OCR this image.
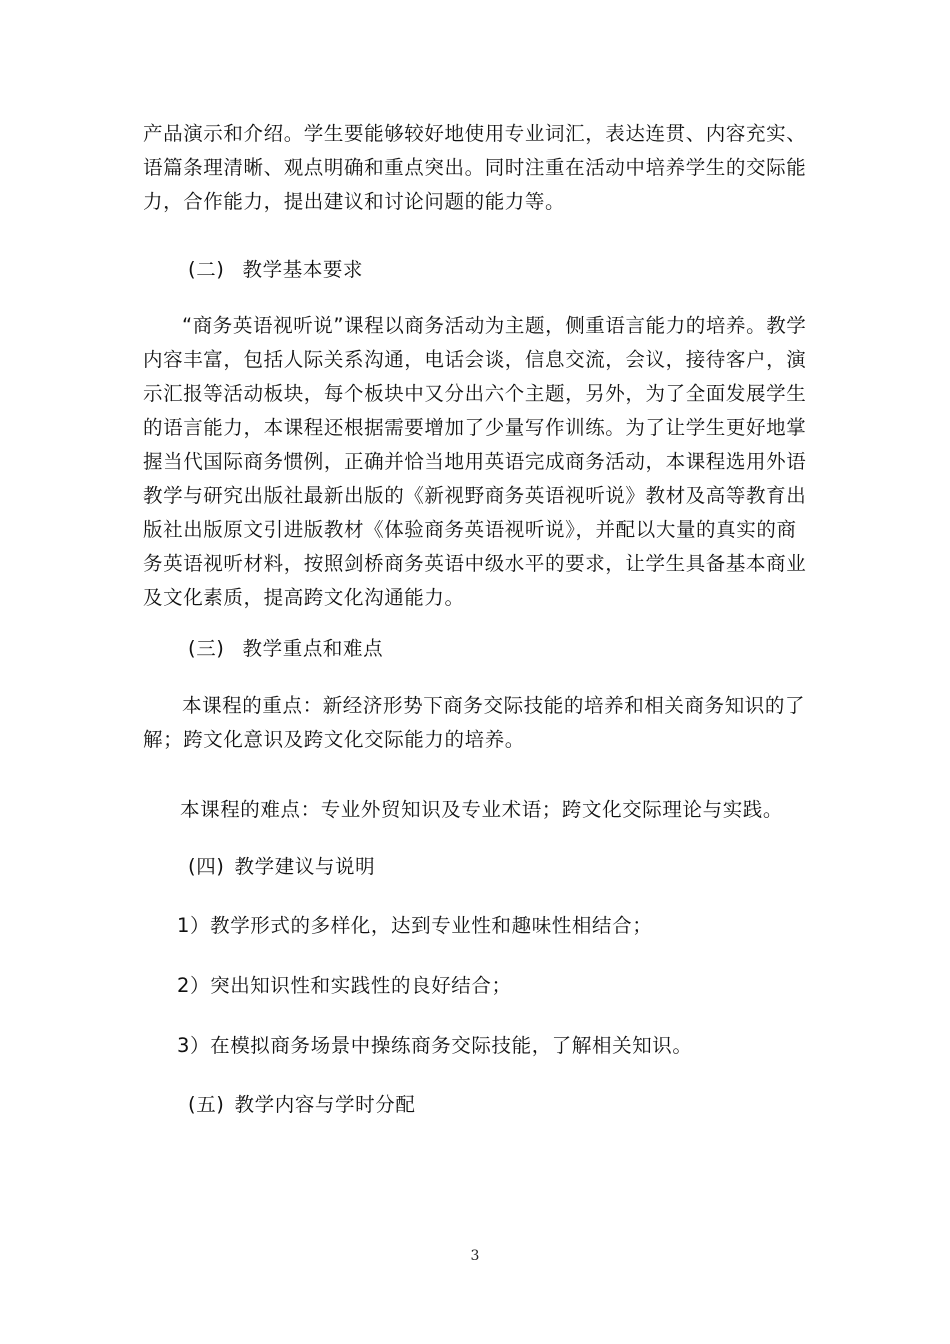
产品演示和介绍。学生要能够较好地使用专业词汇，表达连贯、内容充实、语篇条理清晰、观点明确和重点突出。同时注重在活动中培养学生的交际能力，合作能力，提出建议和讨论问题的能力等。

(二) 教学基本要求

“商务英语视听说”课程以商务活动为主题，侧重语言能力的培养。教学内容丰富，包括人际关系沟通，电话会谈，信息交流，会议，接待客户，演示汇报等活动板块，每个板块中又分出六个主题，另外，为了全面发展学生的语言能力，本课程还根据需要增加了少量写作训练。为了让学生更好地掌握当代国际商务惯例，正确并恰当地用英语完成商务活动，本课程选用外语教学与研究出版社最新出版的《新视野商务英语视听说》教材及高等教育出版社出版原文引进版教材《体验商务英语视听说》，并配以大量的真实的商务英语视听材料，按照剑桥商务英语中级水平的要求，让学生具备基本商业及文化素质，提高跨文化沟通能力。

(三) 教学重点和难点

本课程的重点：新经济形势下商务交际技能的培养和相关商务知识的了解；跨文化意识及跨文化交际能力的培养。

本课程的难点：专业外贸知识及专业术语；跨文化交际理论与实践。

(四) 教学建议与说明

1）教学形式的多样化，达到专业性和趣味性相结合；

2）突出知识性和实践性的良好结合；

3）在模拟商务场景中操练商务交际技能，了解相关知识。

(五) 教学内容与学时分配
3
